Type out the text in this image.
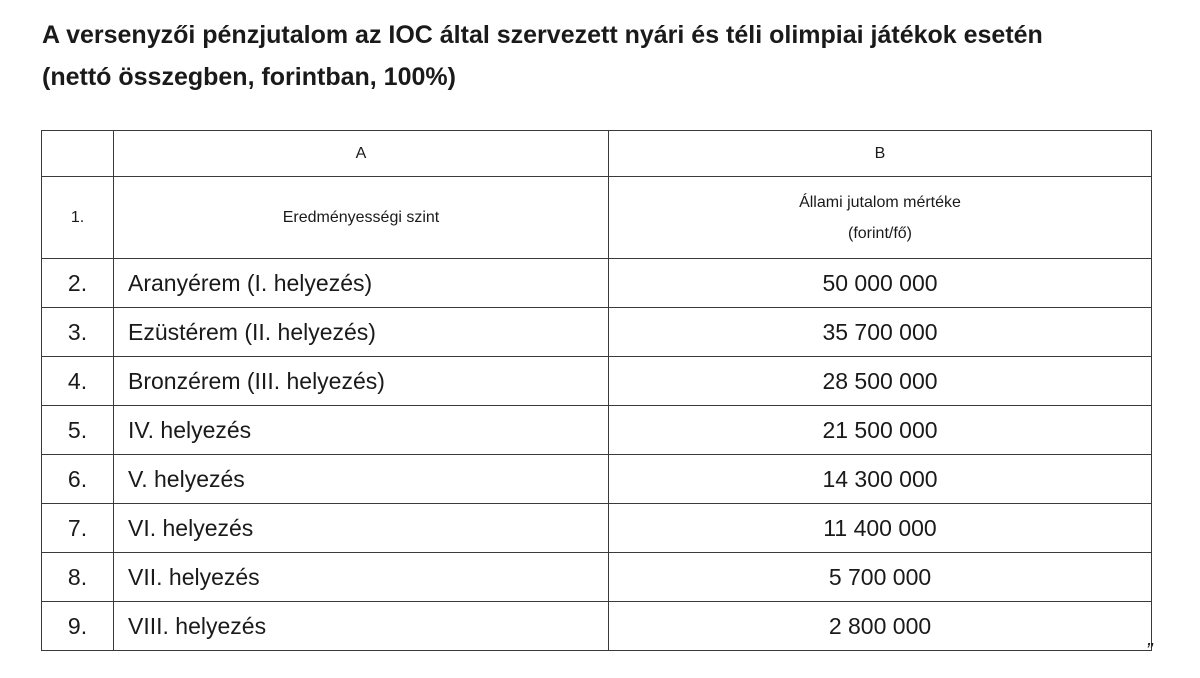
A versenyzői pénzjutalom az IOC által szervezett nyári és téli olimpiai játékok esetén
(nettó összegben, forintban, 100%)
	A	B
1.	Eredményességi szint	Állami jutalom mértéke
(forint/fő)

2.	Aranyérem (I. helyezés)	50 000 000
3.	Ezüstérem (II. helyezés)	35 700 000
4.	Bronzérem (III. helyezés)	28 500 000
5.	IV. helyezés	21 500 000
6.	V. helyezés	14 300 000
7.	VI. helyezés	11 400 000
8.	VII. helyezés	5 700 000
9.	VIII. helyezés	2 800 000
”
